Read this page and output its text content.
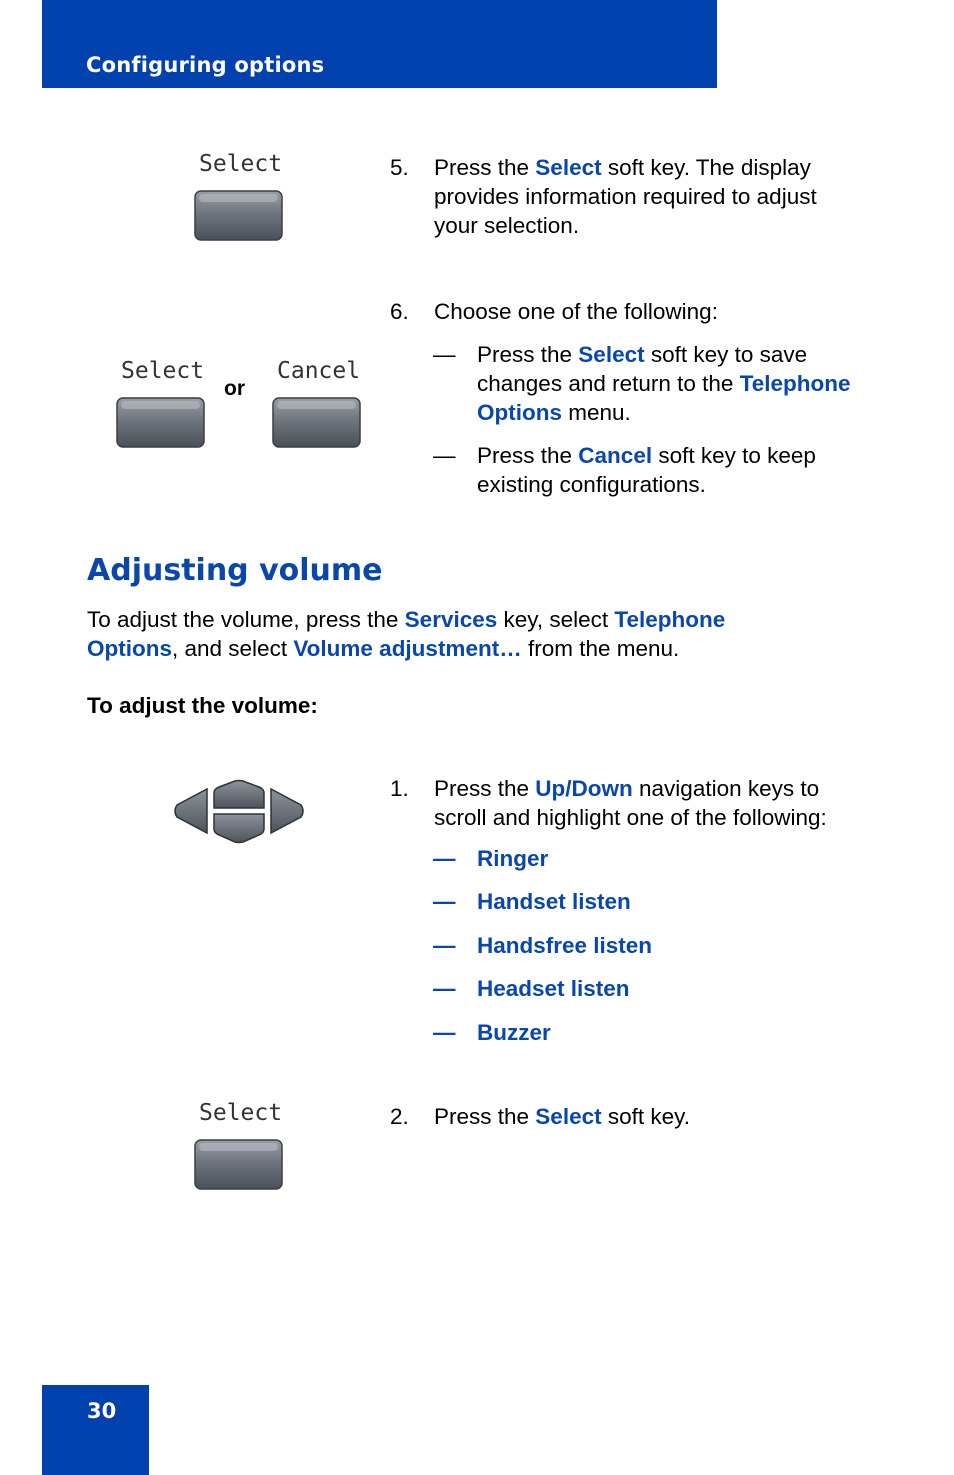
Configuring options
Select	5. Press the Select soft key. The display provides information required to adjust your selection.
6. Choose one of the following:
Select
or
Cancel
— Press the Select soft key to save changes and return to the Telephone Options menu.
— Press the Cancel soft key to keep existing configurations.
Adjusting volume
To adjust the volume, press the Services key, select Telephone Options, and select Volume adjustment… from the menu.
To adjust the volume:
1. Press the Up/Down navigation keys to scroll and highlight one of the following:
— Ringer
— Handset listen
— Handsfree listen
— Headset listen
— Buzzer
Select	2. Press the Select soft key.
30
